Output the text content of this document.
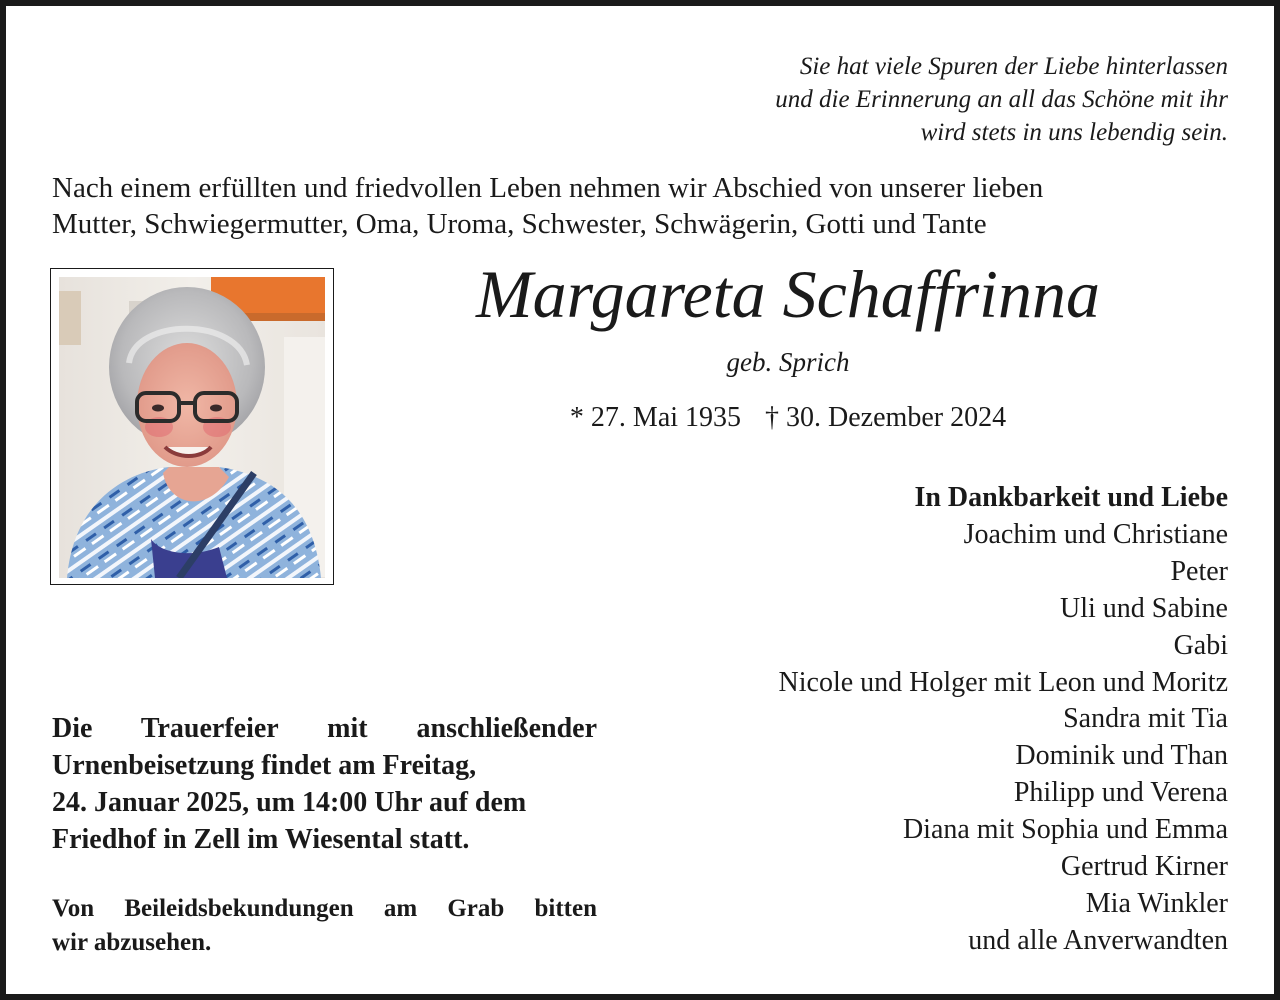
Sie hat viele Spuren der Liebe hinterlassen
und die Erinnerung an all das Schöne mit ihr
wird stets in uns lebendig sein.
Nach einem erfüllten und friedvollen Leben nehmen wir Abschied von unserer lieben
Mutter, Schwiegermutter, Oma, Uroma, Schwester, Schwägerin, Gotti und Tante
Margareta Schaffrinna
geb. Sprich
* 27. Mai 1935 † 30. Dezember 2024
In Dankbarkeit und Liebe
Joachim und Christiane
Peter
Uli und Sabine
Gabi
Nicole und Holger mit Leon und Moritz
Sandra mit Tia
Dominik und Than
Philipp und Verena
Diana mit Sophia und Emma
Gertrud Kirner
Mia Winkler
und alle Anverwandten
Die Trauerfeier mit anschließender
Urnenbeisetzung findet am Freitag,
24. Januar 2025, um 14:00 Uhr auf dem
Friedhof in Zell im Wiesental statt.
Von Beileidsbekundungen am Grab bitten
wir abzusehen.
